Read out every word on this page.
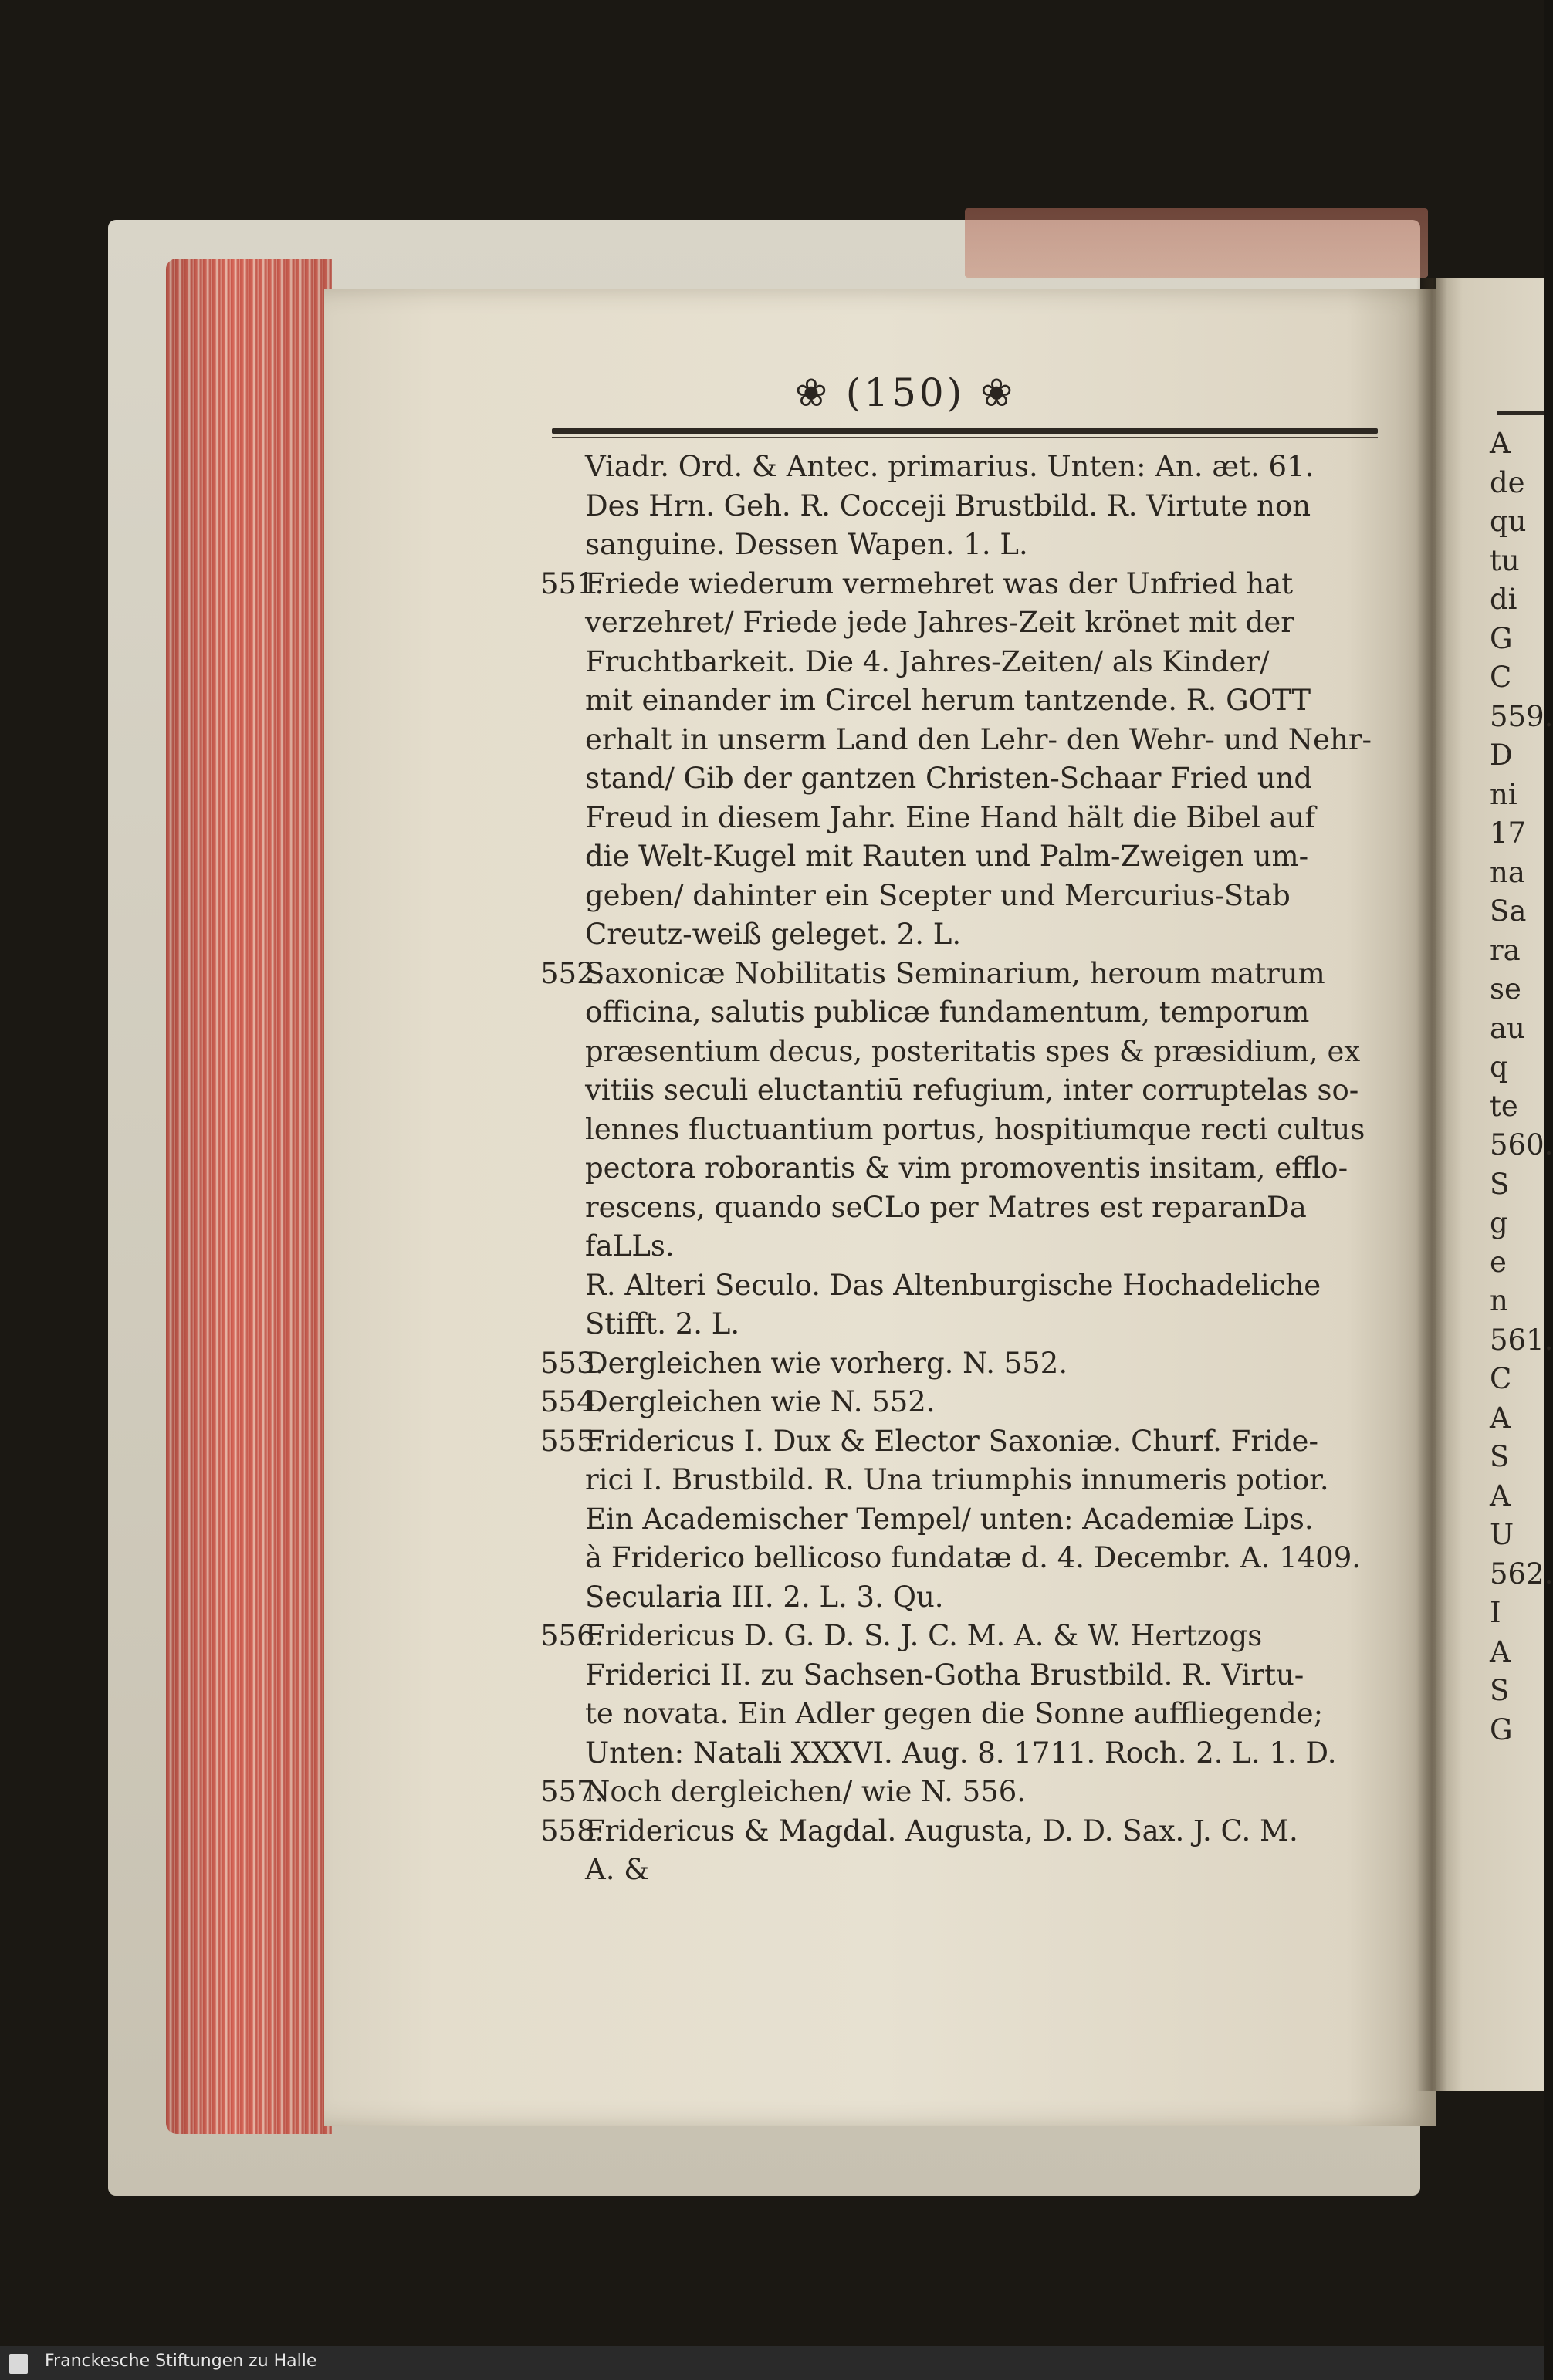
❀ (150) ❀
Viadr. Ord. & Antec. primarius. Unten: An. æt. 61.
Des Hrn. Geh. R. Cocceji Brustbild. R. Virtute non
sanguine. Dessen Wapen. 1. L.
551.Friede wiederum vermehret was der Unfried hat
verzehret/ Friede jede Jahres-Zeit krönet mit der
Fruchtbarkeit. Die 4. Jahres-Zeiten/ als Kinder/
mit einander im Circel herum tantzende. R. GOTT
erhalt in unserm Land den Lehr- den Wehr- und Nehr-
stand/ Gib der gantzen Christen-Schaar Fried und
Freud in diesem Jahr. Eine Hand hält die Bibel auf
die Welt-Kugel mit Rauten und Palm-Zweigen um-
geben/ dahinter ein Scepter und Mercurius-Stab
Creutz-weiß geleget. 2. L.
552.Saxonicæ Nobilitatis Seminarium, heroum matrum
officina, salutis publicæ fundamentum, temporum
præsentium decus, posteritatis spes & præsidium, ex
vitiis seculi eluctantiū refugium, inter corruptelas so-
lennes fluctuantium portus, hospitiumque recti cultus
pectora roborantis & vim promoventis insitam, efflo-
rescens, quando seCLo per Matres est reparanDa
faLLs.
R. Alteri Seculo. Das Altenburgische Hochadeliche
Stifft. 2. L.
553.Dergleichen wie vorherg. N. 552.
554.Dergleichen wie N. 552.
555.Fridericus I. Dux & Elector Saxoniæ. Churf. Fride-
rici I. Brustbild. R. Una triumphis innumeris potior.
Ein Academischer Tempel/ unten: Academiæ Lips.
à Friderico bellicoso fundatæ d. 4. Decembr. A. 1409.
Secularia III. 2. L. 3. Qu.
556.Fridericus D. G. D. S. J. C. M. A. & W. Hertzogs
Friderici II. zu Sachsen-Gotha Brustbild. R. Virtu-
te novata. Ein Adler gegen die Sonne auffliegende;
Unten: Natali XXXVI. Aug. 8. 1711. Roch. 2. L. 1. D.
557.Noch dergleichen/ wie N. 556.
558.Fridericus & Magdal. Augusta, D. D. Sax. J. C. M.
A. &
A
de
qu
tu
di
G
C
559.
D
ni
17
na
Sa
ra
se
au
q
te
560.
S
g
e
n
561.
C
A
S
A
U
562.
I
A
S
G
Franckesche Stiftungen zu Halle
